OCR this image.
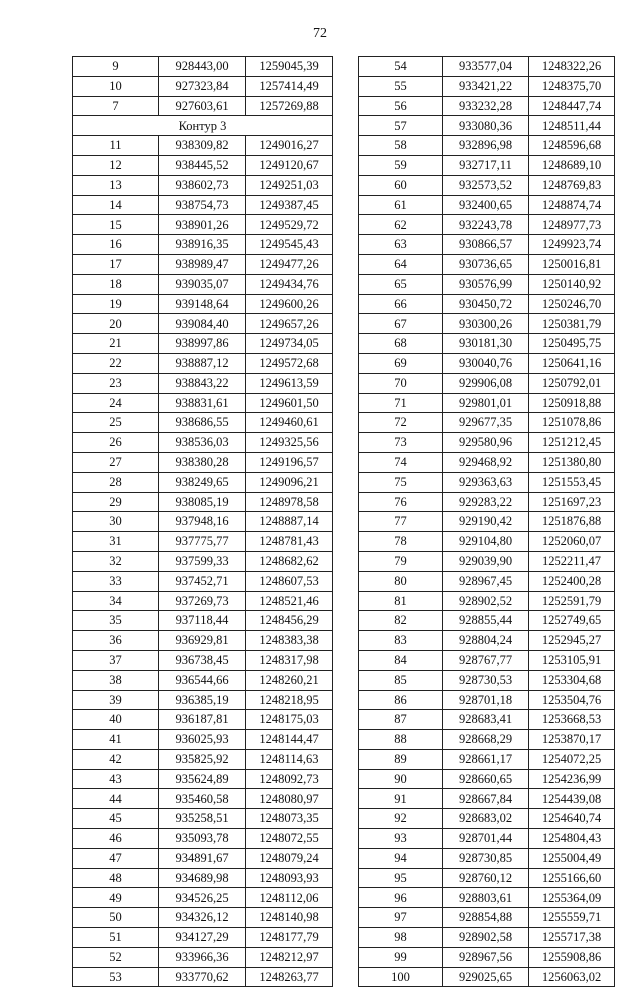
72
9	928443,00	1259045,39
10	927323,84	1257414,49
7	927603,61	1257269,88
Контур 3		
11	938309,82	1249016,27
12	938445,52	1249120,67
13	938602,73	1249251,03
14	938754,73	1249387,45
15	938901,26	1249529,72
16	938916,35	1249545,43
17	938989,47	1249477,26
18	939035,07	1249434,76
19	939148,64	1249600,26
20	939084,40	1249657,26
21	938997,86	1249734,05
22	938887,12	1249572,68
23	938843,22	1249613,59
24	938831,61	1249601,50
25	938686,55	1249460,61
26	938536,03	1249325,56
27	938380,28	1249196,57
28	938249,65	1249096,21
29	938085,19	1248978,58
30	937948,16	1248887,14
31	937775,77	1248781,43
32	937599,33	1248682,62
33	937452,71	1248607,53
34	937269,73	1248521,46
35	937118,44	1248456,29
36	936929,81	1248383,38
37	936738,45	1248317,98
38	936544,66	1248260,21
39	936385,19	1248218,95
40	936187,81	1248175,03
41	936025,93	1248144,47
42	935825,92	1248114,63
43	935624,89	1248092,73
44	935460,58	1248080,97
45	935258,51	1248073,35
46	935093,78	1248072,55
47	934891,67	1248079,24
48	934689,98	1248093,93
49	934526,25	1248112,06
50	934326,12	1248140,98
51	934127,29	1248177,79
52	933966,36	1248212,97
53	933770,62	1248263,77
54	933577,04	1248322,26
55	933421,22	1248375,70
56	933232,28	1248447,74
57	933080,36	1248511,44
58	932896,98	1248596,68
59	932717,11	1248689,10
60	932573,52	1248769,83
61	932400,65	1248874,74
62	932243,78	1248977,73
63	930866,57	1249923,74
64	930736,65	1250016,81
65	930576,99	1250140,92
66	930450,72	1250246,70
67	930300,26	1250381,79
68	930181,30	1250495,75
69	930040,76	1250641,16
70	929906,08	1250792,01
71	929801,01	1250918,88
72	929677,35	1251078,86
73	929580,96	1251212,45
74	929468,92	1251380,80
75	929363,63	1251553,45
76	929283,22	1251697,23
77	929190,42	1251876,88
78	929104,80	1252060,07
79	929039,90	1252211,47
80	928967,45	1252400,28
81	928902,52	1252591,79
82	928855,44	1252749,65
83	928804,24	1252945,27
84	928767,77	1253105,91
85	928730,53	1253304,68
86	928701,18	1253504,76
87	928683,41	1253668,53
88	928668,29	1253870,17
89	928661,17	1254072,25
90	928660,65	1254236,99
91	928667,84	1254439,08
92	928683,02	1254640,74
93	928701,44	1254804,43
94	928730,85	1255004,49
95	928760,12	1255166,60
96	928803,61	1255364,09
97	928854,88	1255559,71
98	928902,58	1255717,38
99	928967,56	1255908,86
100	929025,65	1256063,02
